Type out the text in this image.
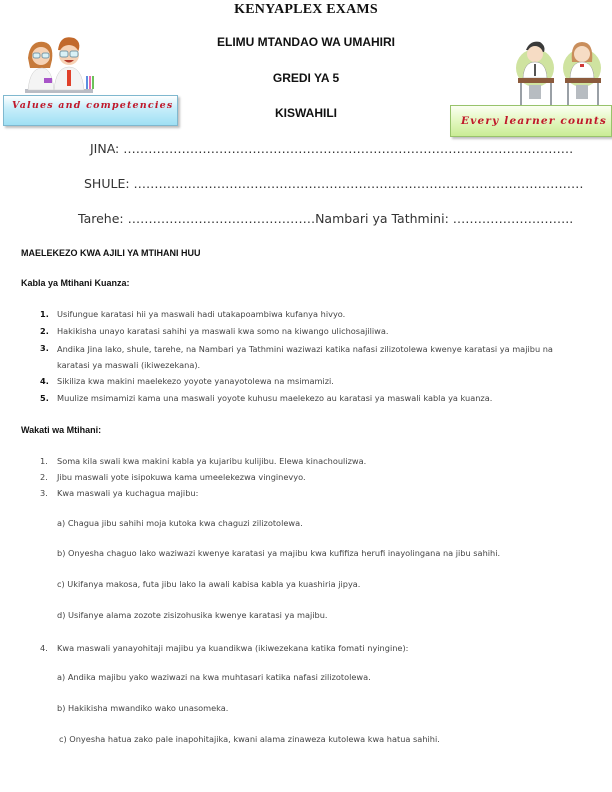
KENYAPLEX EXAMS
ELIMU MTANDAO WA UMAHIRI
GREDI YA 5
KISWAHILI
Values and competencies
Every learner counts
JINA: ………………………………………………………………………………………………
SHULE: ………………………………………………………………………………………………
Tarehe: ………………………………………Nambari ya Tathmini: ………………………..
MAELEKEZO KWA AJILI YA MTIHANI HUU
Kabla ya Mtihani Kuanza:
1. Usifungue karatasi hii ya maswali hadi utakapoambiwa kufanya hivyo.
2. Hakikisha unayo karatasi sahihi ya maswali kwa somo na kiwango ulichosajiliwa.
3. Andika Jina lako, shule, tarehe, na Nambari ya Tathmini waziwazi katika nafasi zilizotolewa kwenye karatasi ya majibu na karatasi ya maswali (ikiwezekana).
4. Sikiliza kwa makini maelekezo yoyote yanayotolewa na msimamizi.
5. Muulize msimamizi kama una maswali yoyote kuhusu maelekezo au karatasi ya maswali kabla ya kuanza.
Wakati wa Mtihani:
1.	Soma kila swali kwa makini kabla ya kujaribu kulijibu. Elewa kinachoulizwa.
2.	Jibu maswali yote isipokuwa kama umeelekezwa vinginevyo.
3.	Kwa maswali ya kuchagua majibu:
a) Chagua jibu sahihi moja kutoka kwa chaguzi zilizotolewa.
b) Onyesha chaguo lako waziwazi kwenye karatasi ya majibu kwa kufifiza herufi inayolingana na jibu sahihi.
c) Ukifanya makosa, futa jibu lako la awali kabisa kabla ya kuashiria jipya.
d) Usifanye alama zozote zisizohusika kwenye karatasi ya majibu.
4.	Kwa maswali yanayohitaji majibu ya kuandikwa (ikiwezekana katika fomati nyingine):
a) Andika majibu yako waziwazi na kwa muhtasari katika nafasi zilizotolewa.
b) Hakikisha mwandiko wako unasomeka.
c) Onyesha hatua zako pale inapohitajika, kwani alama zinaweza kutolewa kwa hatua sahihi.
